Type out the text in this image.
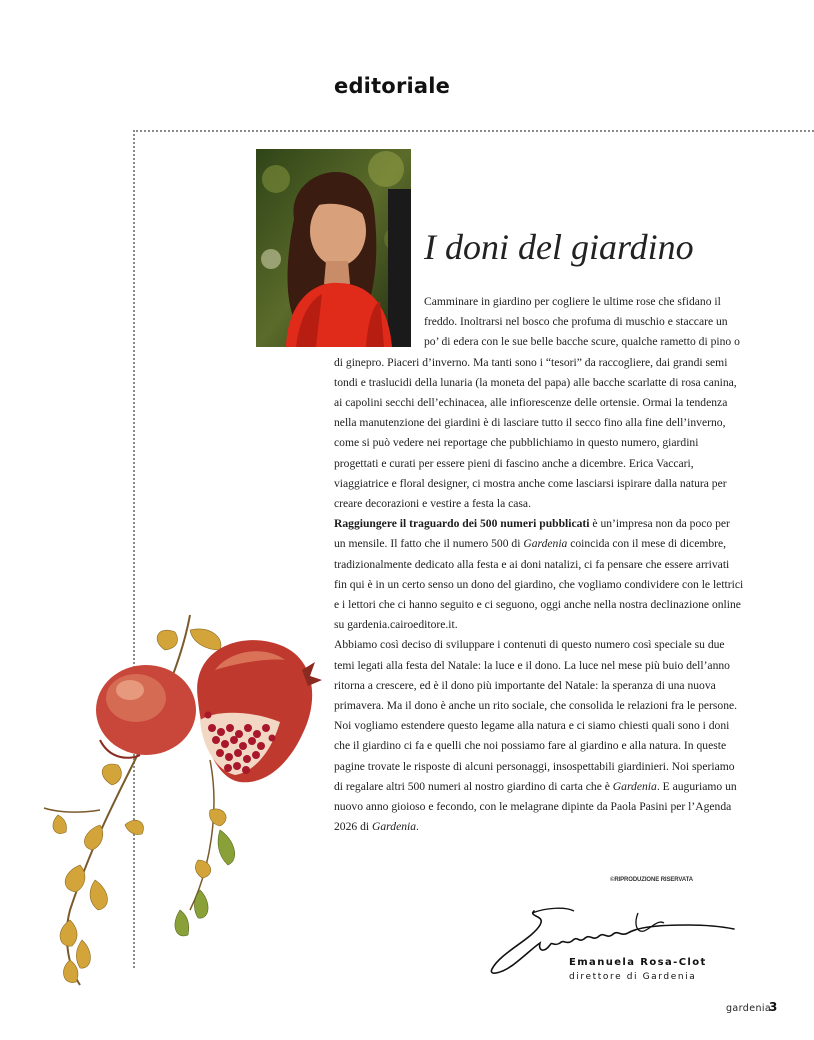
editoriale
I doni del giardino

Camminare in giardino per cogliere le ultime rose che sfidano il freddo. Inoltrarsi nel bosco che profuma di muschio e staccare un po’ di edera con le sue belle bacche scure, qualche rametto di pino o di ginepro. Piaceri d’inverno. Ma tanti sono i “tesori” da raccogliere, dai grandi semi tondi e traslucidi della lunaria (la moneta del papa) alle bacche scarlatte di rosa canina, ai capolini secchi dell’echinacea, alle infiorescenze delle ortensie. Ormai la tendenza nella manutenzione dei giardini è di lasciare tutto il secco fino alla fine dell’inverno, come si può vedere nei reportage che pubblichiamo in questo numero, giardini progettati e curati per essere pieni di fascino anche a dicembre. Erica Vaccari, viaggiatrice e floral designer, ci mostra anche come lasciarsi ispirare dalla natura per creare decorazioni e vestire a festa la casa.

Raggiungere il traguardo dei 500 numeri pubblicati è un’impresa non da poco per un mensile. Il fatto che il numero 500 di Gardenia coincida con il mese di dicembre, tradizionalmente dedicato alla festa e ai doni natalizi, ci fa pensare che essere arrivati fin qui è in un certo senso un dono del giardino, che vogliamo condividere con le lettrici e i lettori che ci hanno seguito e ci seguono, oggi anche nella nostra declinazione online su gardenia.cairoeditore.it.

Abbiamo così deciso di sviluppare i contenuti di questo numero così speciale su due temi legati alla festa del Natale: la luce e il dono. La luce nel mese più buio dell’anno ritorna a crescere, ed è il dono più importante del Natale: la speranza di una nuova primavera. Ma il dono è anche un rito sociale, che consolida le relazioni fra le persone. Noi vogliamo estendere questo legame alla natura e ci siamo chiesti quali sono i doni che il giardino ci fa e quelli che noi possiamo fare al giardino e alla natura. In queste pagine trovate le risposte di alcuni personaggi, insospettabili giardinieri. Noi speriamo di regalare altri 500 numeri al nostro giardino di carta che è Gardenia. E auguriamo un nuovo anno gioioso e fecondo, con le melagrane dipinte da Paola Pasini per l’Agenda 2026 di Gardenia.

©RIPRODUZIONE RISERVATA

Emanuela Rosa-Clot

direttore di Gardenia

gardenia
3
